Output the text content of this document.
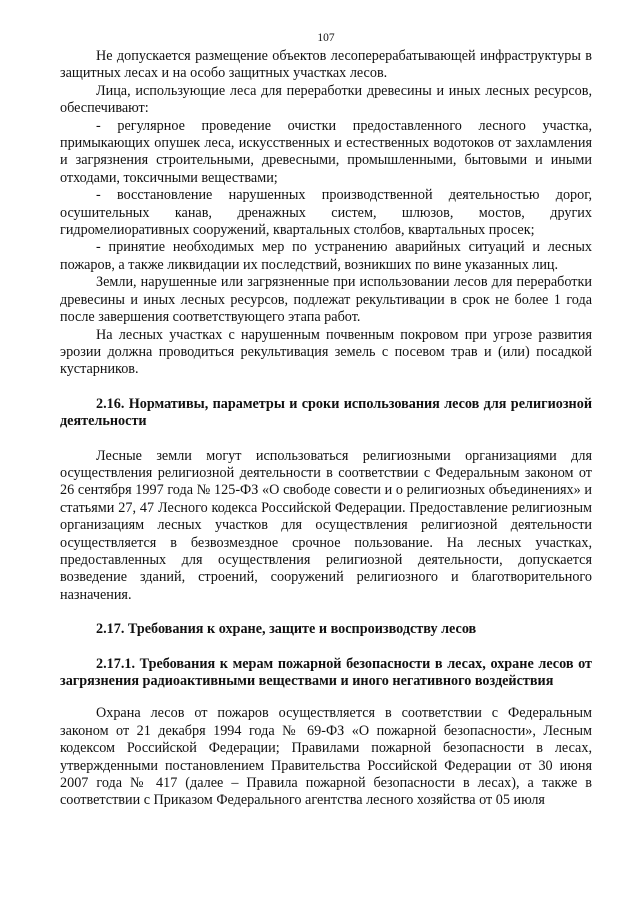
107

Не допускается размещение объектов лесоперерабатывающей инфраструктуры в защитных лесах и на особо защитных участках лесов.

Лица, использующие леса для переработки древесины и иных лесных ресурсов, обеспечивают:

- регулярное проведение очистки предоставленного лесного участка, примыкающих опушек леса, искусственных и естественных водотоков от захламления и загрязнения строительными, древесными, промышленными, бытовыми и иными отходами, токсичными веществами;

- восстановление нарушенных производственной деятельностью дорог, осушительных канав, дренажных систем, шлюзов, мостов, других гидромелиоративных сооружений, квартальных столбов, квартальных просек;

- принятие необходимых мер по устранению аварийных ситуаций и лесных пожаров, а также ликвидации их последствий, возникших по вине указанных лиц.

Земли, нарушенные или загрязненные при использовании лесов для переработки древесины и иных лесных ресурсов, подлежат рекультивации в срок не более 1 года после завершения соответствующего этапа работ.

На лесных участках с нарушенным почвенным покровом при угрозе развития эрозии должна проводиться рекультивация земель с посевом трав и (или) посадкой кустарников.

2.16. Нормативы, параметры и сроки использования лесов для религиозной деятельности

Лесные земли могут использоваться религиозными организациями для осуществления религиозной деятельности в соответствии с Федеральным законом от 26 сентября 1997 года № 125-ФЗ «О свободе совести и о религиозных объединениях» и статьями 27, 47 Лесного кодекса Российской Федерации. Предоставление религиозным организациям лесных участков для осуществления религиозной деятельности осуществляется в безвозмездное срочное пользование. На лесных участках, предоставленных для осуществления религиозной деятельности, допускается возведение зданий, строений, сооружений религиозного и благотворительного назначения.

2.17. Требования к охране, защите и воспроизводству лесов
2.17.1. Требования к мерам пожарной безопасности в лесах, охране лесов от загрязнения радиоактивными веществами и иного негативного воздействия

Охрана лесов от пожаров осуществляется в соответствии с Федеральным законом от 21 декабря 1994 года № 69-ФЗ «О пожарной безопасности», Лесным кодексом Российской Федерации; Правилами пожарной безопасности в лесах, утвержденными постановлением Правительства Российской Федерации от 30 июня 2007 года № 417 (далее – Правила пожарной безопасности в лесах), а также в соответствии с Приказом Федерального агентства лесного хозяйства от 05 июля
